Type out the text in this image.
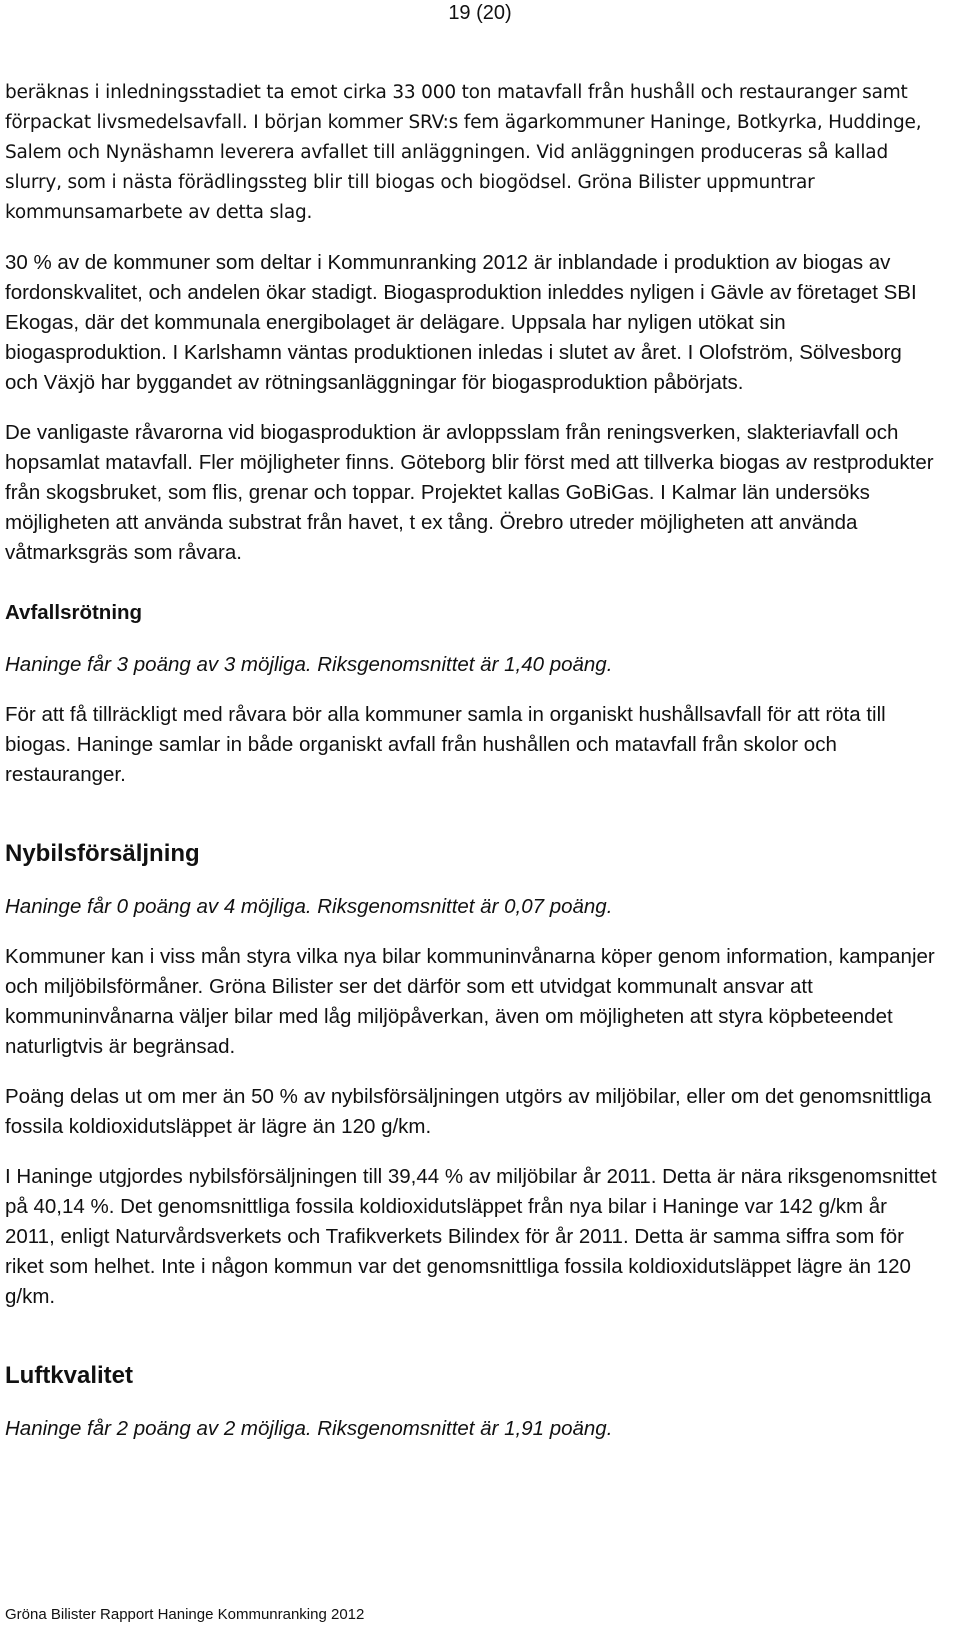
19 (20)

beräknas i inledningsstadiet ta emot cirka 33 000 ton matavfall från hushåll och restauranger samt förpackat livsmedelsavfall. I början kommer SRV:s fem ägarkommuner Haninge, Botkyrka, Huddinge, Salem och Nynäshamn leverera avfallet till anläggningen. Vid anläggningen produceras så kallad slurry, som i nästa förädlingssteg blir till biogas och biogödsel. Gröna Bilister uppmuntrar kommunsamarbete av detta slag.

30 % av de kommuner som deltar i Kommunranking 2012 är inblandade i produktion av biogas av fordonskvalitet, och andelen ökar stadigt. Biogasproduktion inleddes nyligen i Gävle av företaget SBI Ekogas, där det kommunala energibolaget är delägare. Uppsala har nyligen utökat sin biogasproduktion. I Karlshamn väntas produktionen inledas i slutet av året. I Olofström, Sölvesborg och Växjö har byggandet av rötningsanläggningar för biogasproduktion påbörjats.

De vanligaste råvarorna vid biogasproduktion är avloppsslam från reningsverken, slakteriavfall och hopsamlat matavfall. Fler möjligheter finns. Göteborg blir först med att tillverka biogas av restprodukter från skogsbruket, som flis, grenar och toppar. Projektet kallas GoBiGas. I Kalmar län undersöks möjligheten att använda substrat från havet, t ex tång. Örebro utreder möjligheten att använda våtmarksgräs som råvara.

Avfallsrötning

Haninge får 3 poäng av 3 möjliga. Riksgenomsnittet är 1,40 poäng.

För att få tillräckligt med råvara bör alla kommuner samla in organiskt hushållsavfall för att röta till biogas. Haninge samlar in både organiskt avfall från hushållen och matavfall från skolor och restauranger.

Nybilsförsäljning

Haninge får 0 poäng av 4 möjliga. Riksgenomsnittet är 0,07 poäng.

Kommuner kan i viss mån styra vilka nya bilar kommuninvånarna köper genom information, kampanjer och miljöbilsförmåner. Gröna Bilister ser det därför som ett utvidgat kommunalt ansvar att kommuninvånarna väljer bilar med låg miljöpåverkan, även om möjligheten att styra köpbeteendet naturligtvis är begränsad.

Poäng delas ut om mer än 50 % av nybilsförsäljningen utgörs av miljöbilar, eller om det genomsnittliga fossila koldioxidutsläppet är lägre än 120 g/km.

I Haninge utgjordes nybilsförsäljningen till 39,44 % av miljöbilar år 2011. Detta är nära riksgenomsnittet på 40,14 %. Det genomsnittliga fossila koldioxidutsläppet från nya bilar i Haninge var 142 g/km år 2011, enligt Naturvårdsverkets och Trafikverkets Bilindex för år 2011. Detta är samma siffra som för riket som helhet. Inte i någon kommun var det genomsnittliga fossila koldioxidutsläppet lägre än 120 g/km.

Luftkvalitet

Haninge får 2 poäng av 2 möjliga. Riksgenomsnittet är 1,91 poäng.

Gröna Bilister Rapport Haninge Kommunranking 2012
